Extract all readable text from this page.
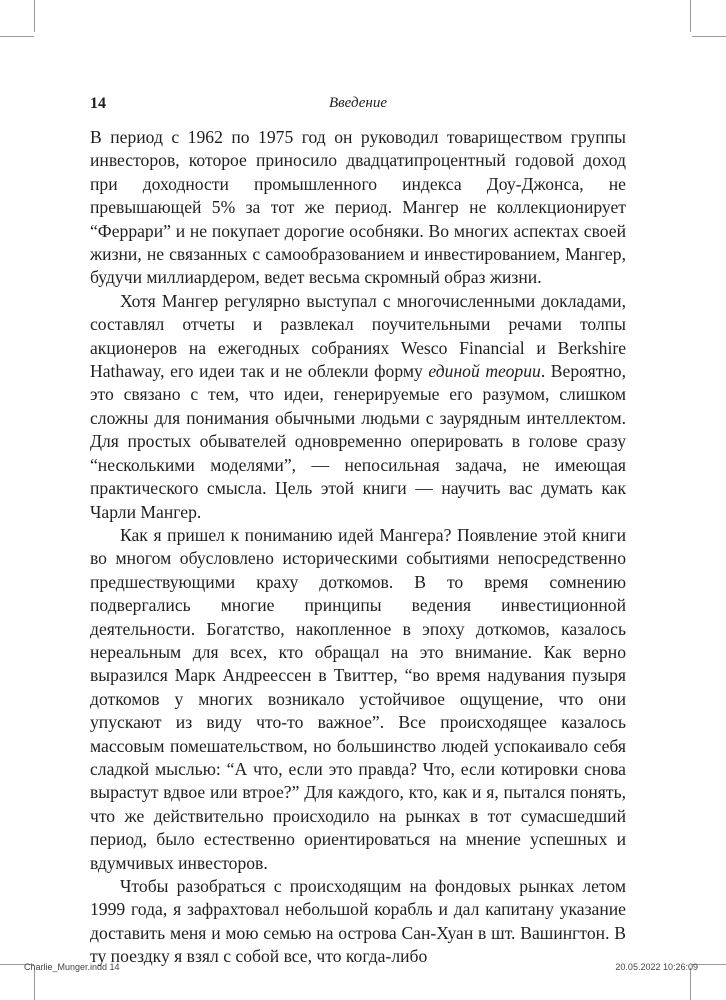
14	Введение

В период с 1962 по 1975 год он руководил товариществом группы инвесторов, которое приносило двадцатипроцентный годовой доход при доходности промышленного индекса Доу-Джонса, не превышающей 5% за тот же период. Мангер не коллекционирует “Феррари” и не покупает дорогие особняки. Во многих аспектах своей жизни, не связанных с самообразованием и инвестированием, Мангер, будучи миллиардером, ведет весьма скромный образ жизни.

Хотя Мангер регулярно выступал с многочисленными докладами, составлял отчеты и развлекал поучительными речами толпы акционеров на ежегодных собраниях Wesco Financial и Berkshire Hathaway, его идеи так и не облекли форму единой теории. Вероятно, это связано с тем, что идеи, генерируемые его разумом, слишком сложны для понимания обычными людьми с заурядным интеллектом. Для простых обывателей одновременно оперировать в голове сразу “несколькими моделями”, — непосильная задача, не имеющая практического смысла. Цель этой книги — научить вас думать как Чарли Мангер.

Как я пришел к пониманию идей Мангера? Появление этой книги во многом обусловлено историческими событиями непосредственно предшествующими краху доткомов. В то время сомнению подвергались многие принципы ведения инвестиционной деятельности. Богатство, накопленное в эпоху доткомов, казалось нереальным для всех, кто обращал на это внимание. Как верно выразился Марк Андреессен в Твиттер, “во время надувания пузыря доткомов у многих возникало устойчивое ощущение, что они упускают из виду что-то важное”. Все происходящее казалось массовым помешательством, но большинство людей успокаивало себя сладкой мыслью: “А что, если это правда? Что, если котировки снова вырастут вдвое или втрое?” Для каждого, кто, как и я, пытался понять, что же действительно происходило на рынках в тот сумасшедший период, было естественно ориентироваться на мнение успешных и вдумчивых инвесторов.

Чтобы разобраться с происходящим на фондовых рынках летом 1999 года, я зафрахтовал небольшой корабль и дал капитану указание доставить меня и мою семью на острова Сан-Хуан в шт. Вашингтон. В ту поездку я взял с собой все, что когда-либо

Charlie_Munger.indd 14	20.05.2022 10:26:09
